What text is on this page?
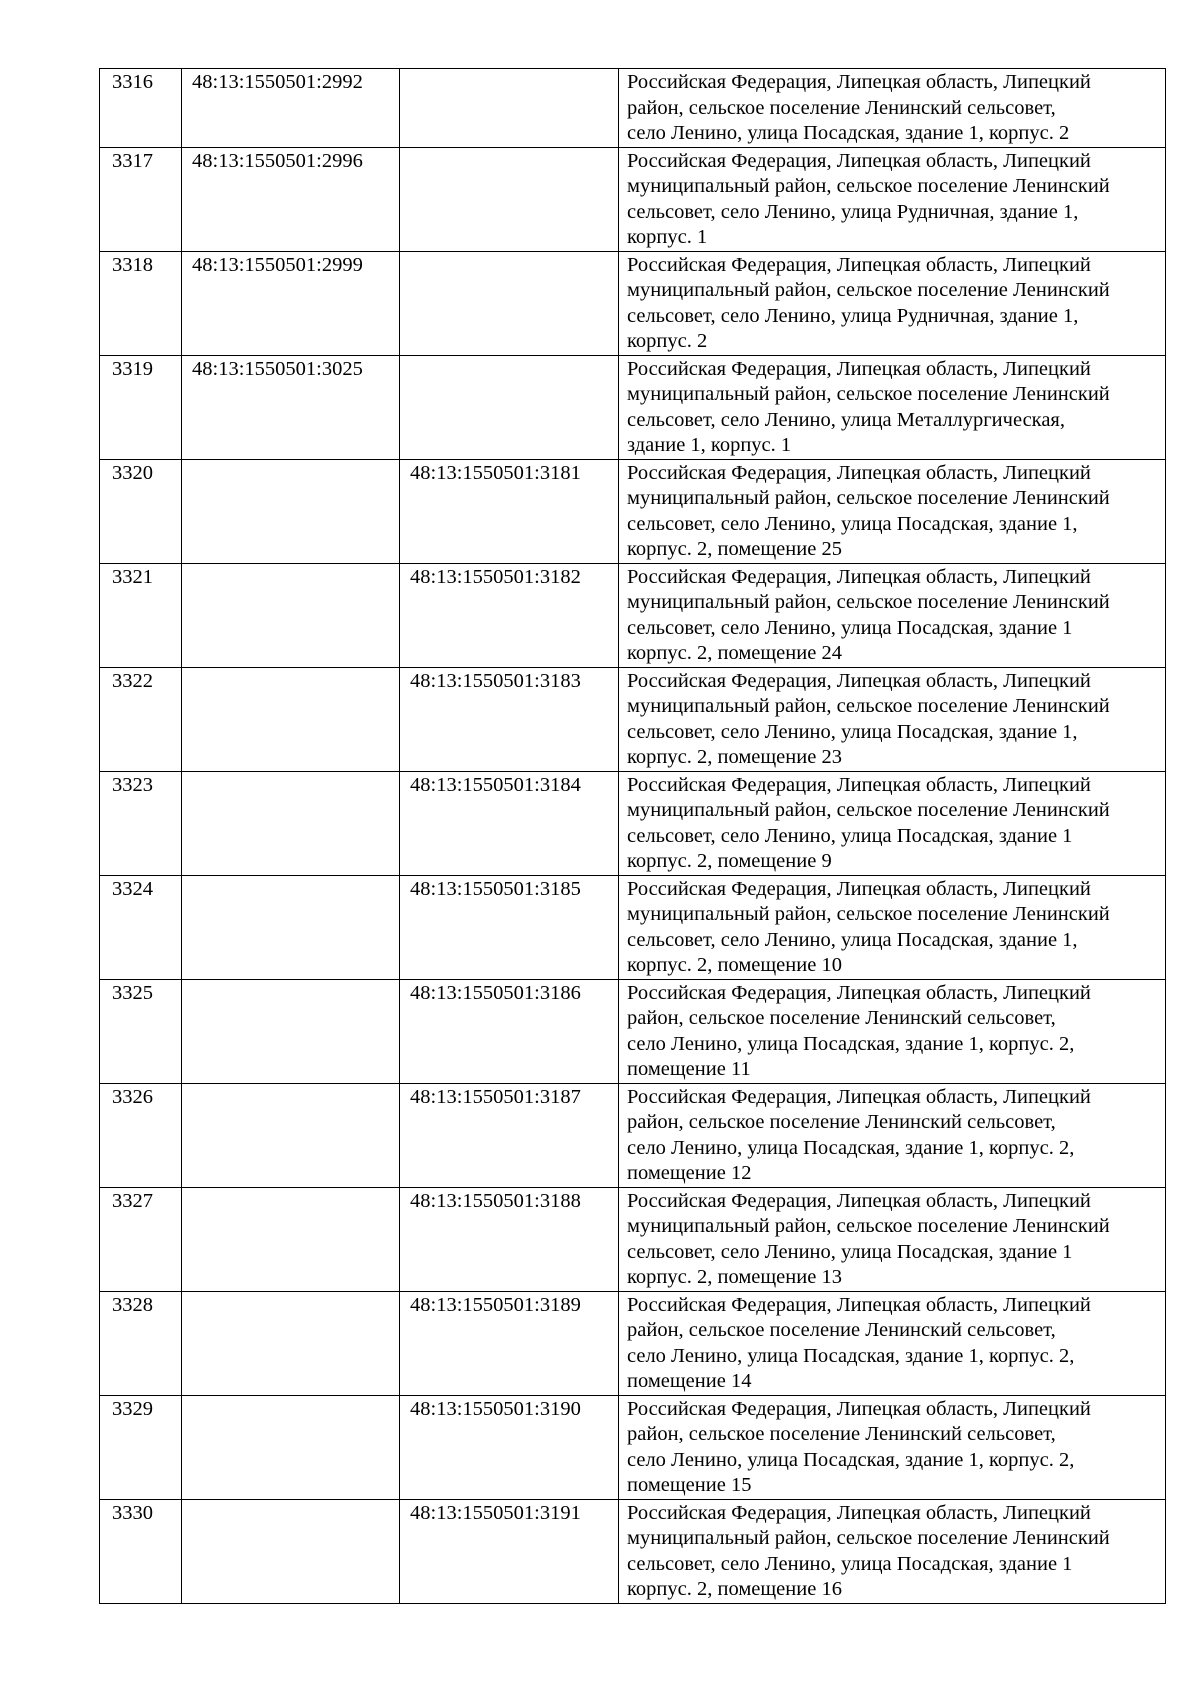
3316	48:13:1550501:2992		Российская Федерация, Липецкая область, Липецкий
район, сельское поселение Ленинский сельсовет,
село Ленино, улица Посадская, здание 1, корпус. 2

3317	48:13:1550501:2996		Российская Федерация, Липецкая область, Липецкий
муниципальный район, сельское поселение Ленинский
сельсовет, село Ленино, улица Рудничная, здание 1,
корпус. 1

3318	48:13:1550501:2999		Российская Федерация, Липецкая область, Липецкий
муниципальный район, сельское поселение Ленинский
сельсовет, село Ленино, улица Рудничная, здание 1,
корпус. 2

3319	48:13:1550501:3025		Российская Федерация, Липецкая область, Липецкий
муниципальный район, сельское поселение Ленинский
сельсовет, село Ленино, улица Металлургическая,
здание 1, корпус. 1

3320		48:13:1550501:3181	Российская Федерация, Липецкая область, Липецкий
муниципальный район, сельское поселение Ленинский
сельсовет, село Ленино, улица Посадская, здание 1,
корпус. 2, помещение 25

3321		48:13:1550501:3182	Российская Федерация, Липецкая область, Липецкий
муниципальный район, сельское поселение Ленинский
сельсовет, село Ленино, улица Посадская, здание 1
корпус. 2, помещение 24

3322		48:13:1550501:3183	Российская Федерация, Липецкая область, Липецкий
муниципальный район, сельское поселение Ленинский
сельсовет, село Ленино, улица Посадская, здание 1,
корпус. 2, помещение 23

3323		48:13:1550501:3184	Российская Федерация, Липецкая область, Липецкий
муниципальный район, сельское поселение Ленинский
сельсовет, село Ленино, улица Посадская, здание 1
корпус. 2, помещение 9

3324		48:13:1550501:3185	Российская Федерация, Липецкая область, Липецкий
муниципальный район, сельское поселение Ленинский
сельсовет, село Ленино, улица Посадская, здание 1,
корпус. 2, помещение 10

3325		48:13:1550501:3186	Российская Федерация, Липецкая область, Липецкий
район, сельское поселение Ленинский сельсовет,
село Ленино, улица Посадская, здание 1, корпус. 2,
помещение 11

3326		48:13:1550501:3187	Российская Федерация, Липецкая область, Липецкий
район, сельское поселение Ленинский сельсовет,
село Ленино, улица Посадская, здание 1, корпус. 2,
помещение 12

3327		48:13:1550501:3188	Российская Федерация, Липецкая область, Липецкий
муниципальный район, сельское поселение Ленинский
сельсовет, село Ленино, улица Посадская, здание 1
корпус. 2, помещение 13

3328		48:13:1550501:3189	Российская Федерация, Липецкая область, Липецкий
район, сельское поселение Ленинский сельсовет,
село Ленино, улица Посадская, здание 1, корпус. 2,
помещение 14

3329		48:13:1550501:3190	Российская Федерация, Липецкая область, Липецкий
район, сельское поселение Ленинский сельсовет,
село Ленино, улица Посадская, здание 1, корпус. 2,
помещение 15

3330		48:13:1550501:3191	Российская Федерация, Липецкая область, Липецкий
муниципальный район, сельское поселение Ленинский
сельсовет, село Ленино, улица Посадская, здание 1
корпус. 2, помещение 16
